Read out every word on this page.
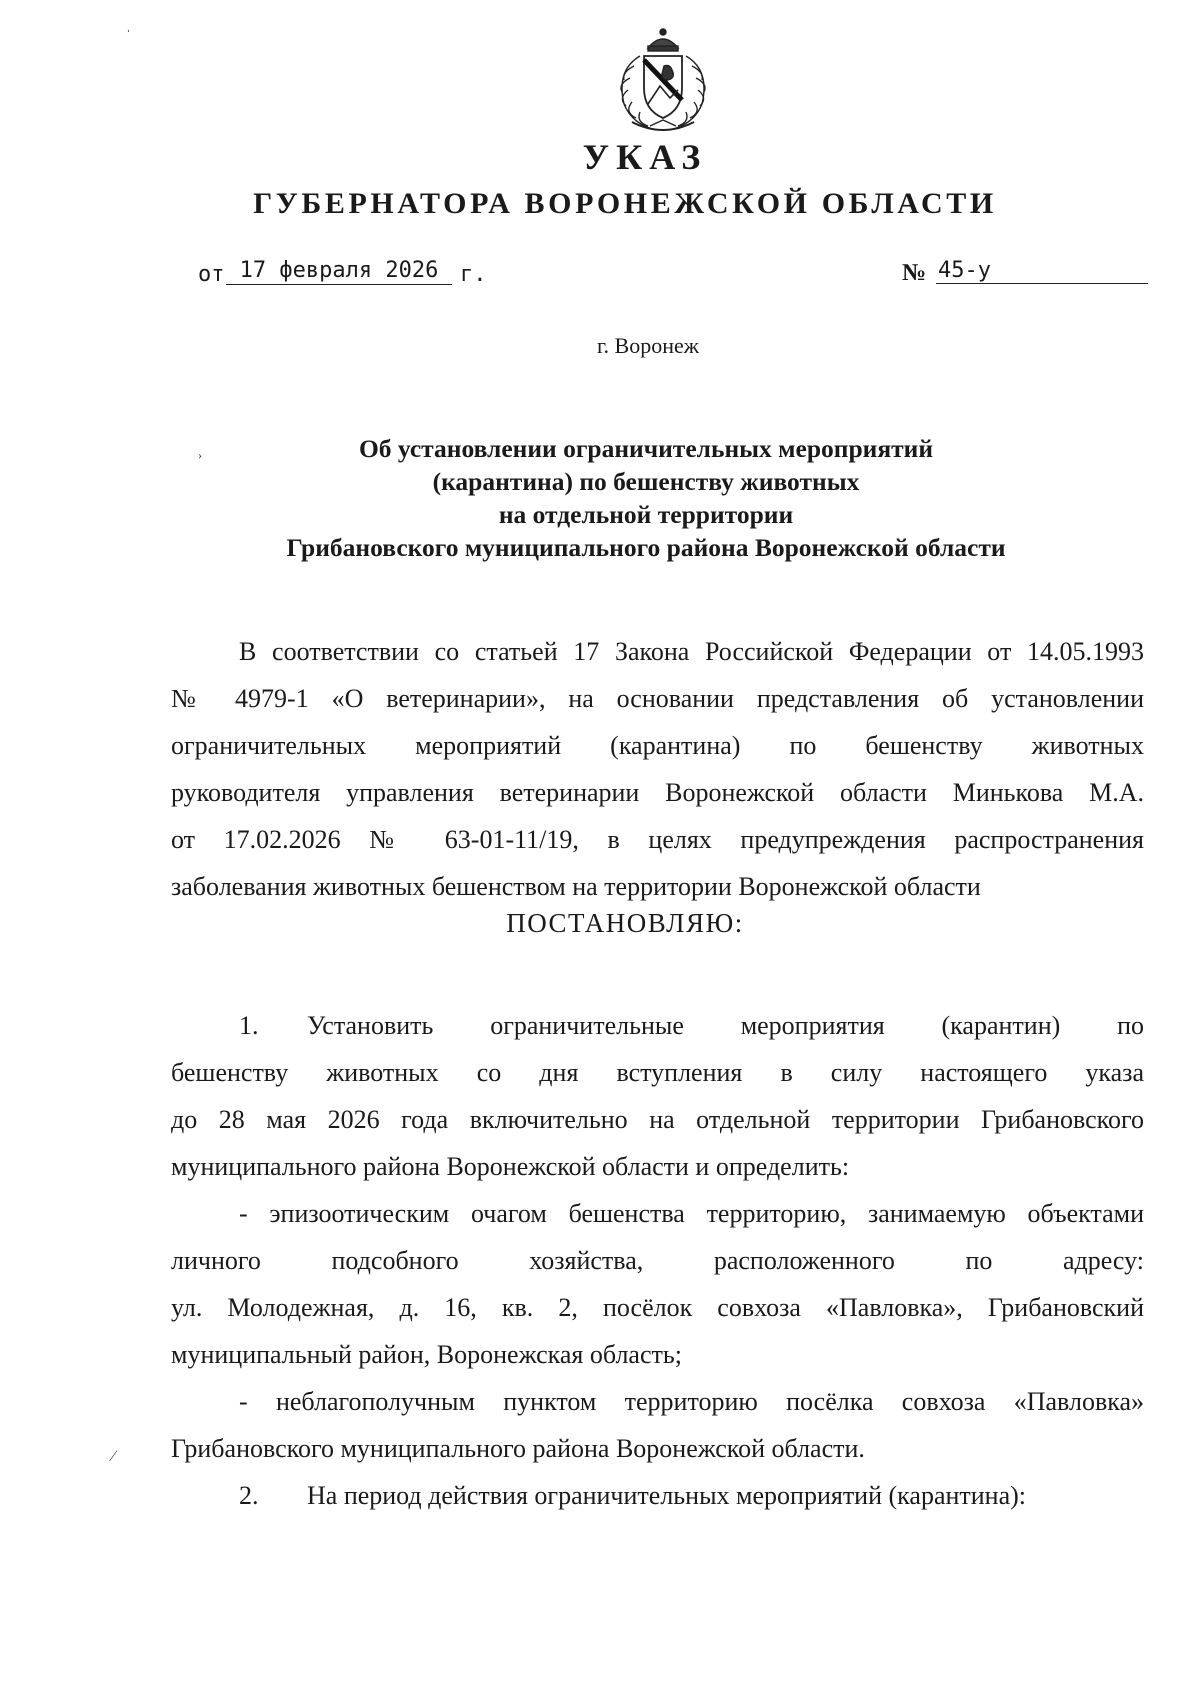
ˌ
›
⁄
УКАЗ
ГУБЕРНАТОРА ВОРОНЕЖСКОЙ ОБЛАСТИ
от 17 февраля 2026 г.	№ 45-у
г. Воронеж
Об установлении ограничительных мероприятий
(карантина) по бешенству животных
на отдельной территории
Грибановского муниципального района Воронежской области
В соответствии со статьей 17 Закона Российской Федерации от 14.05.1993
№ 4979-1 «О ветеринарии», на основании представления об установлении
ограничительных мероприятий (карантина) по бешенству животных
руководителя управления ветеринарии Воронежской области Минькова М.А.
от 17.02.2026 № 63-01-11/19, в целях предупреждения распространения
заболевания животных бешенством на территории Воронежской области
ПОСТАНОВЛЯЮ:
1. Установить ограничительные мероприятия (карантин) по
бешенству животных со дня вступления в силу настоящего указа
до 28 мая 2026 года включительно на отдельной территории Грибановского
муниципального района Воронежской области и определить:
- эпизоотическим очагом бешенства территорию, занимаемую объектами
личного подсобного хозяйства, расположенного по адресу:
ул. Молодежная, д. 16, кв. 2, посёлок совхоза «Павловка», Грибановский
муниципальный район, Воронежская область;
- неблагополучным пунктом территорию посёлка совхоза «Павловка»
Грибановского муниципального района Воронежской области.
2. На период действия ограничительных мероприятий (карантина):
